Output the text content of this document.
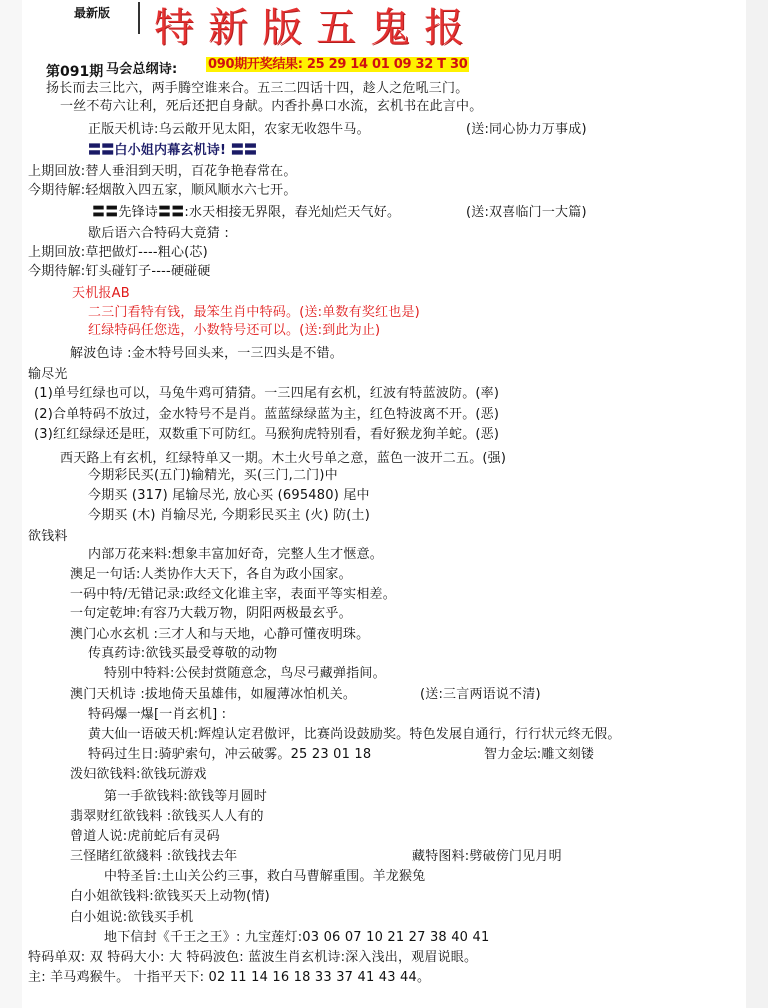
最新版 特新版五鬼报
第091期 马会总纲诗: 090期开奖结果: 25 29 14 01 09 32 T 30
扬长而去三比六，两手腾空谁来合。五三二四话十四，趁人之危吼三门。
一丝不苟六让利，死后还把自身献。内香扑鼻口水流，玄机书在此言中。
正版天机诗:乌云敞开见太阳，农家无收怨牛马。	(送:同心协力万事成)
〓〓白小姐内幕玄机诗! 〓〓
上期回放:替人垂泪到天明，百花争艳春常在。
今期待解:轻烟散入四五家，顺风顺水六七开。
〓〓先锋诗〓〓:水天相接无界限，春光灿烂天气好。	(送:双喜临门一大篇)
歇后语六合特码大竟猜 :
上期回放:草把做灯----粗心(芯)
今期待解:钉头碰钉子----硬碰硬
天机报AB
二三门看特有钱，最笨生肖中特码。(送:单数有奖红也是)
红绿特码任您选，小数特号还可以。(送:到此为止)
解波色诗 :金木特号回头来，一三四头是不错。
输尽光
(1)单号红绿也可以，马兔牛鸡可猜猜。一三四尾有玄机，红波有特蓝波防。(率)
(2)合单特码不放过，金水特号不是肖。蓝蓝绿绿蓝为主，红色特波离不开。(恶)
(3)红红绿绿还是旺，双数重下可防红。马猴狗虎特别看，看好猴龙狗羊蛇。(恶)
西天路上有玄机，红绿特单又一期。木土火号单之意，蓝色一波开二五。(强)
今期彩民买(五门)输精光，买(三门,二门)中
今期买 (317) 尾输尽光, 放心买 (695480) 尾中
今期买 (木) 肖输尽光, 今期彩民买主 (火) 防(土)
欲钱料
内部万花来料:想象丰富加好奇，完整人生才惬意。
澳足一句话:人类协作大天下，各自为政小国家。
一码中特/无错记录:政经文化谁主宰，表面平等实相差。
一句定乾坤:有容乃大载万物，阴阳两极最玄乎。
澳门心水玄机 :三才人和与天地，心静可懂夜明珠。
传真药诗:欲钱买最受尊敬的动物
特别中特料:公侯封赏随意念，鸟尽弓藏弹指间。
澳门天机诗 :拔地倚天虽雄伟，如履薄冰怕机关。	(送:三言两语说不清)
特码爆一爆[一肖玄机] :
黄大仙一语破天机:辉煌认定君傲评，比赛尚设鼓励奖。特色发展自通行，行行状元终无假。
特码过生日:骑驴索句，冲云破雾。25 23 01 18	智力金坛:雕文刻镂
泼妇欲钱料:欲钱玩游戏
第一手欲钱料:欲钱等月圆时
翡翠财红欲钱料 :欲钱买人人有的
曾道人说:虎前蛇后有灵码
三怪睹红欲綫料 :欲钱找去年	藏特图料:劈破傍门见月明
中特圣旨:土山关公约三事，救白马曹解重围。羊龙猴兔
白小姐欲钱料:欲钱买天上动物(情)
白小姐说:欲钱买手机
地下信封《千王之王》: 九宝莲灯:03 06 07 10 21 27 38 40 41
特码单双: 双 特码大小: 大 特码波色: 蓝波生肖玄机诗:深入浅出，观眉说眼。
主: 羊马鸡猴牛。 十指平天下: 02 11 14 16 18 33 37 41 43 44。
